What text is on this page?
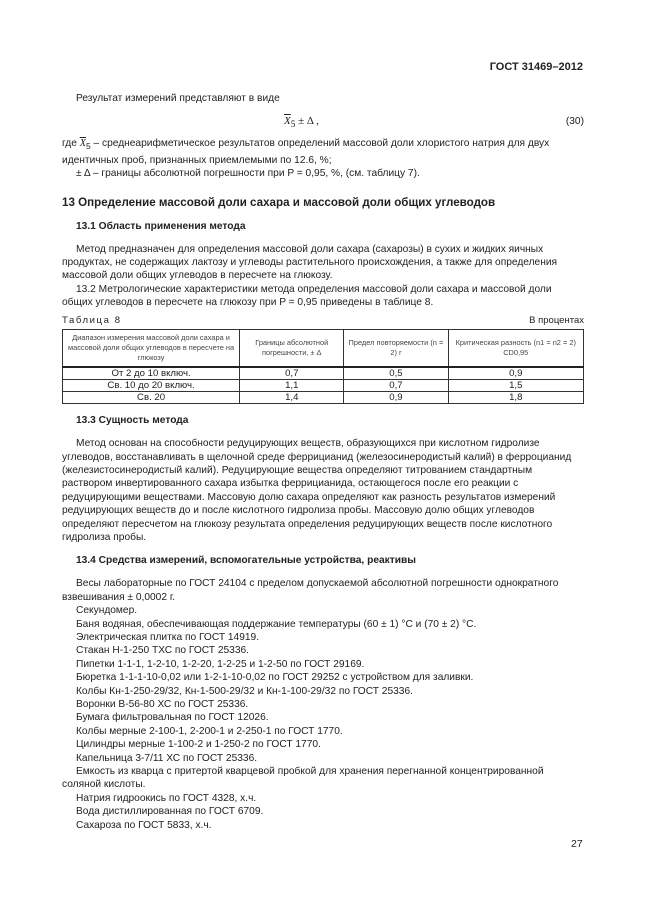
ГОСТ 31469–2012

Результат измерений представляют в виде

$\overline{X}_5 \pm \Delta$ ,	(30)

где $\overline{X}_5$ – среднеарифметическое результатов определений массовой доли хлористого натрия для двух идентичных проб, признанных приемлемыми по 12.6, %;

± Δ – границы абсолютной погрешности при P = 0,95, %, (см. таблицу 7).

13 Определение массовой доли сахара и массовой доли общих углеводов
13.1 Область применения метода

Метод предназначен для определения массовой доли сахара (сахарозы) в сухих и жидких яичных продуктах, не содержащих лактозу и углеводы растительного происхождения, а также для определения массовой доли общих углеводов в пересчете на глюкозу.

13.2 Метрологические характеристики метода определения массовой доли сахара и массовой доли общих углеводов в пересчете на глюкозу при P = 0,95 приведены в таблице 8.

Таблица 8	В процентах
Диапазон измерения массовой доли сахара и массовой доли общих углеводов в пересчете на глюкозу	Границы абсолютной погрешности, ± Δ	Предел повторяемости (n = 2) r	Критическая разность (n1 = n2 = 2) CD0,95
От 2 до 10 включ.	0,7	0,5	0,9
Св. 10 до 20 включ.	1,1	0,7	1,5
Св. 20	1,4	0,9	1,8
13.3 Сущность метода

Метод основан на способности редуцирующих веществ, образующихся при кислотном гидролизе углеводов, восстанавливать в щелочной среде феррицианид (железосинеродистый калий) в ферроцианид (железистосинеродистый калий). Редуцирующие вещества определяют титрованием стандартным раствором инвертированного сахара избытка феррицианида, остающегося после его реакции с редуцирующими веществами. Массовую долю сахара определяют как разность результатов измерений редуцирующих веществ до и после кислотного гидролиза пробы. Массовую долю общих углеводов определяют пересчетом на глюкозу результата определения редуцирующих веществ после кислотного гидролиза пробы.

13.4 Средства измерений, вспомогательные устройства, реактивы
Весы лабораторные по ГОСТ 24104 с пределом допускаемой абсолютной погрешности однократного взвешивания ± 0,0002 г.
Секундомер.
Баня водяная, обеспечивающая поддержание температуры (60 ± 1) °С и (70 ± 2) °С.
Электрическая плитка по ГОСТ 14919.
Стакан Н-1-250 ТХС по ГОСТ 25336.
Пипетки 1-1-1, 1-2-10, 1-2-20, 1-2-25 и 1-2-50 по ГОСТ 29169.
Бюретка 1-1-1-10-0,02 или 1-2-1-10-0,02 по ГОСТ 29252 с устройством для заливки.
Колбы Кн-1-250-29/32, Кн-1-500-29/32 и Кн-1-100-29/32 по ГОСТ 25336.
Воронки В-56-80 ХС по ГОСТ 25336.
Бумага фильтровальная по ГОСТ 12026.
Колбы мерные 2-100-1, 2-200-1 и 2-250-1 по ГОСТ 1770.
Цилиндры мерные 1-100-2 и 1-250-2 по ГОСТ 1770.
Капельница 3-7/11 ХС по ГОСТ 25336.
Емкость из кварца с притертой кварцевой пробкой для хранения перегнанной концентрированной соляной кислоты.
Натрия гидроокись по ГОСТ 4328, х.ч.
Вода дистиллированная по ГОСТ 6709.
Сахароза по ГОСТ 5833, х.ч.
27
